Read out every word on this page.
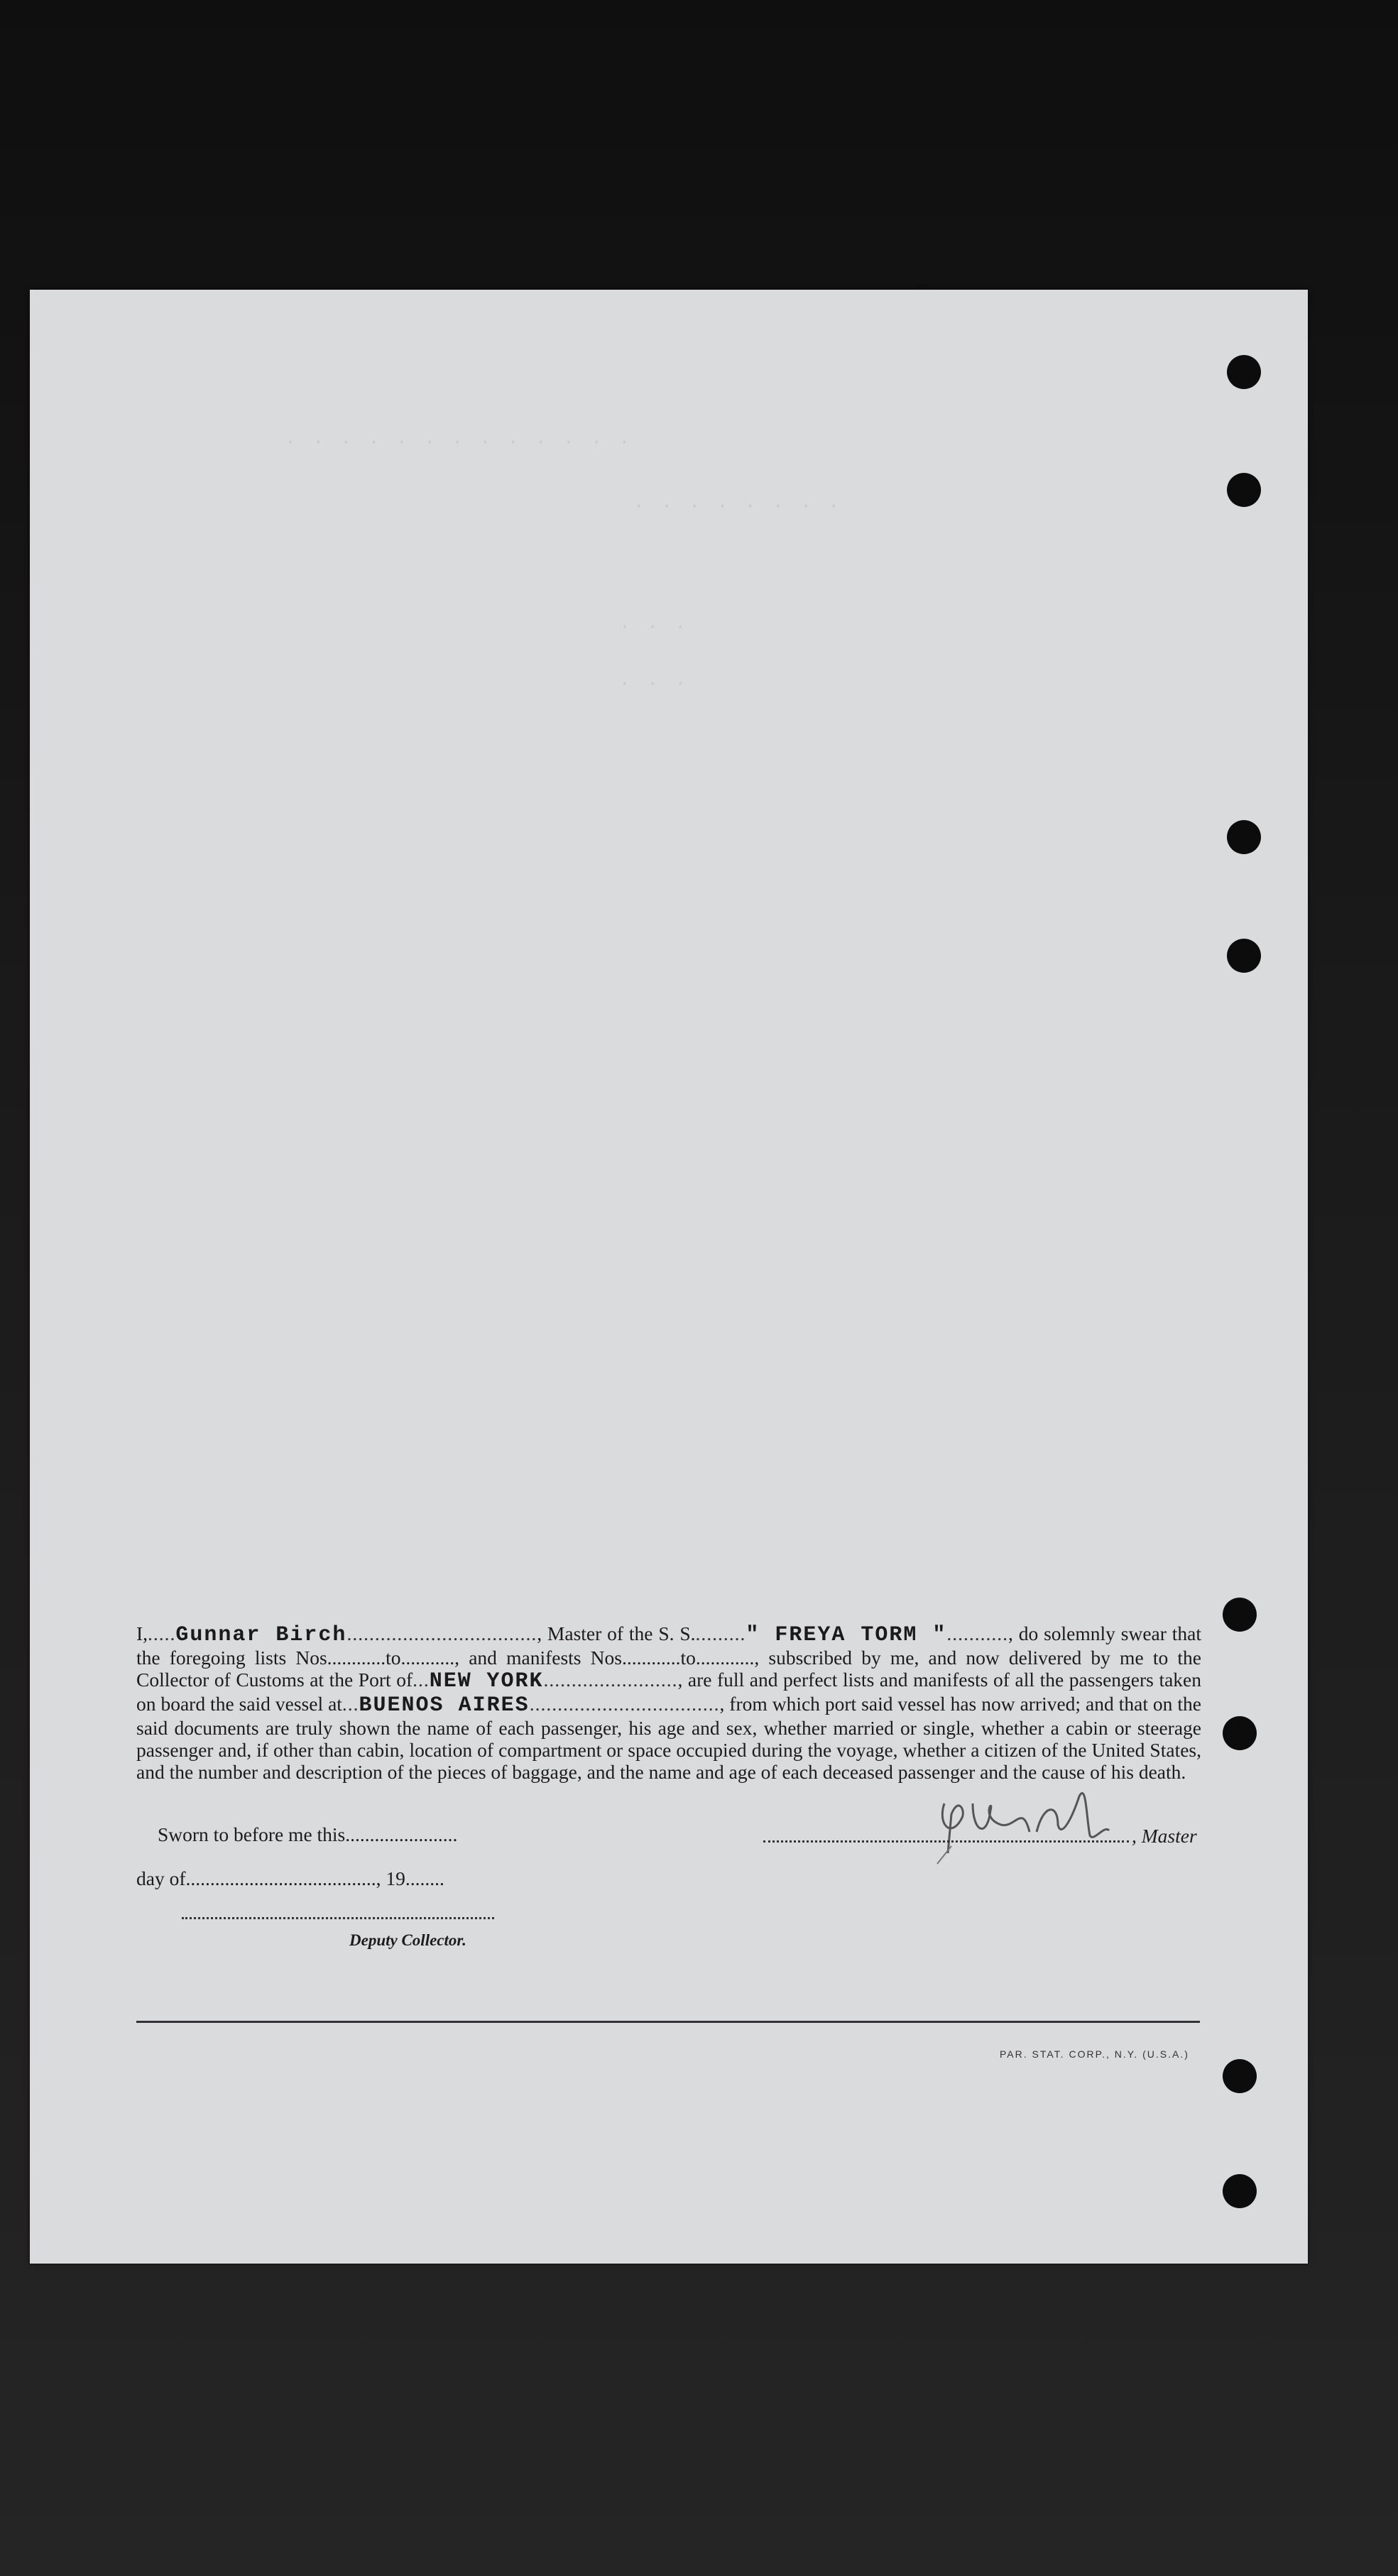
· · · · · · · · · · · · ·
· · · · · · · ·
· · ·
· · ·

I,.....Gunnar Birch.................................., Master of the S. S.........." FREYA TORM "..........., do solemnly swear that the foregoing lists Nos............to..........., and manifests Nos............to............, subscribed by me, and now delivered by me to the Collector of Customs at the Port of...NEW YORK........................, are full and perfect lists and manifests of all the passengers taken on board the said vessel at...BUENOS AIRES.................................., from which port said vessel has now arrived; and that on the said documents are truly shown the name of each passenger, his age and sex, whether married or single, whether a cabin or steerage passenger and, if other than cabin, location of compartment or space occupied during the voyage, whether a citizen of the United States, and the number and description of the pieces of baggage, and the name and age of each deceased passenger and the cause of his death.

Sworn to before me this.......................
day of......................................., 19........
Deputy Collector.
, Master
PAR. STAT. CORP., N.Y. (U.S.A.)
